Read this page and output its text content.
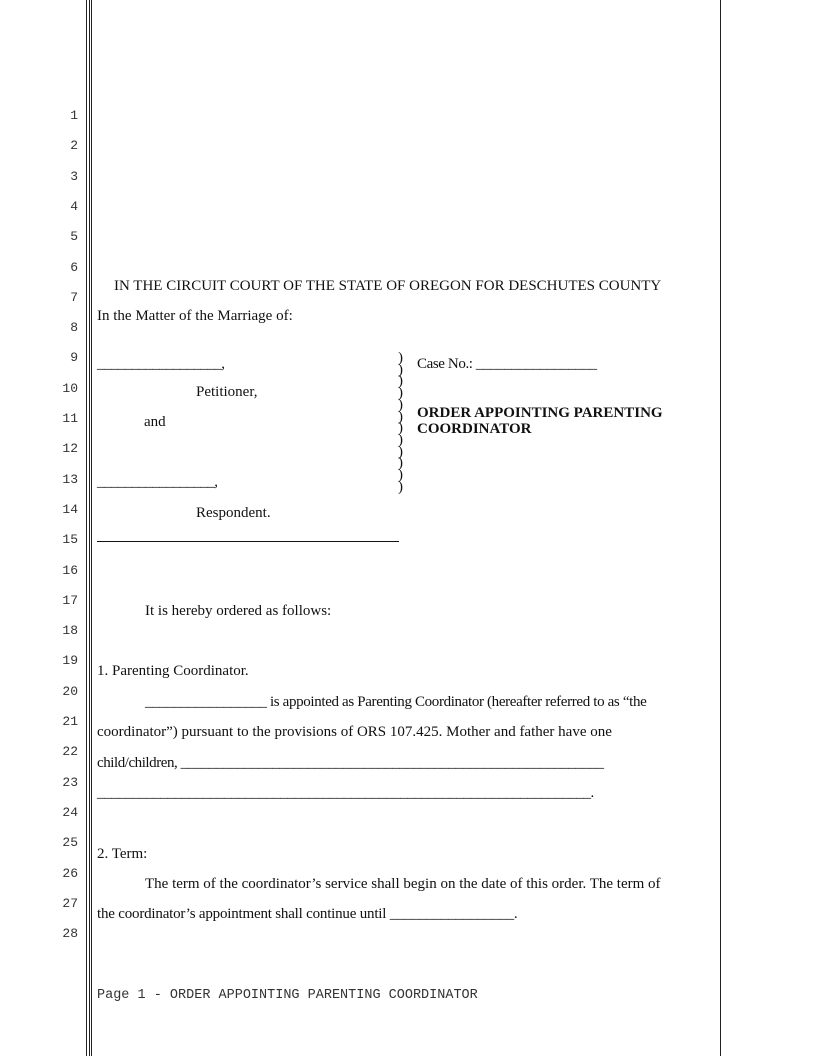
1
2
3
4
5
6
7
8
9
10
11
12
13
14
15
16
17
18
19
20
21
22
23
24
25
26
27
28
IN THE CIRCUIT COURT OF THE STATE OF OREGON FOR DESCHUTES COUNTY
In the Matter of the Marriage of:
__________________,
Petitioner,
and
_________________,
Respondent.
)
)
)
)
)
)
)
)
)
)
)
)
Case No.: _________________
ORDER APPOINTING PARENTING
COORDINATOR
It is hereby ordered as follows:
1. Parenting Coordinator.
_________________ is appointed as Parenting Coordinator (hereafter referred to as “the
coordinator”) pursuant to the provisions of ORS 107.425. Mother and father have one
child/children, ____________________________________________________________
______________________________________________________________________.
2. Term:
The term of the coordinator’s service shall begin on the date of this order. The term of
the coordinator’s appointment shall continue until _________________.
Page 1 - ORDER APPOINTING PARENTING COORDINATOR
